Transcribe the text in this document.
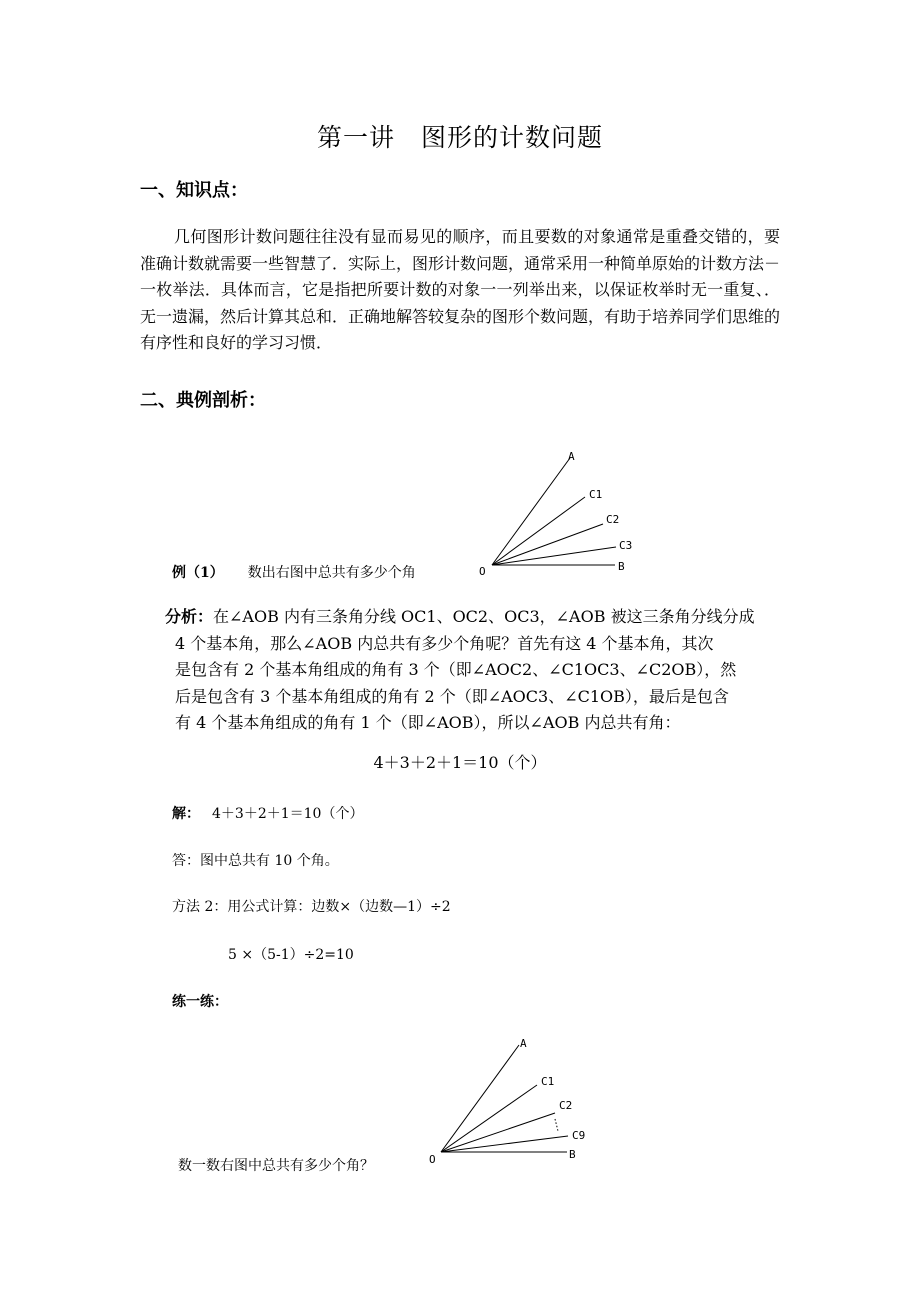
第一讲　图形的计数问题
一、知识点：
几何图形计数问题往往没有显而易见的顺序，而且要数的对象通常是重叠交错的，要准确计数就需要一些智慧了．实际上，图形计数问题，通常采用一种简单原始的计数方法－一枚举法．具体而言，它是指把所要计数的对象一一列举出来，以保证枚举时无一重复、．无一遗漏，然后计算其总和．正确地解答较复杂的图形个数问题，有助于培养同学们思维的有序性和良好的学习习惯．
二、典例剖析：
A
C1
C2
C3
O	B
例（1） 数出右图中总共有多少个角
分析：在∠AOB 内有三条角分线 OC1、OC2、OC3，∠AOB 被这三条角分线分成
4 个基本角，那么∠AOB 内总共有多少个角呢？首先有这 4 个基本角，其次
是包含有 2 个基本角组成的角有 3 个（即∠AOC2、∠C1OC3、∠C2OB），然
后是包含有 3 个基本角组成的角有 2 个（即∠AOC3、∠C1OB），最后是包含
有 4 个基本角组成的角有 1 个（即∠AOB），所以∠AOB 内总共有角：
4＋3＋2＋1＝10（个）
解： 4＋3＋2＋1＝10（个）
答：图中总共有 10 个角。
方法 2：用公式计算：边数×（边数—1）÷2
5 ×（5-1）÷2=10
练一练：
A
C1
C2
C9
O	B
数一数右图中总共有多少个角？
